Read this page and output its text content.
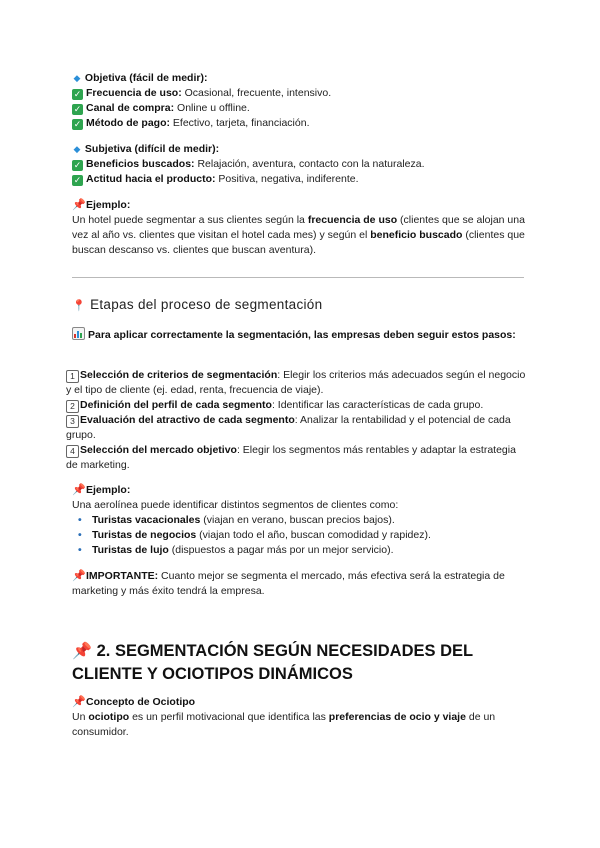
◆ Objetiva (fácil de medir):

✓ Frecuencia de uso: Ocasional, frecuente, intensivo.

✓ Canal de compra: Online u offline.

✓ Método de pago: Efectivo, tarjeta, financiación.

◆ Subjetiva (difícil de medir):

✓ Beneficios buscados: Relajación, aventura, contacto con la naturaleza.

✓ Actitud hacia el producto: Positiva, negativa, indiferente.

📌Ejemplo:

Un hotel puede segmentar a sus clientes según la frecuencia de uso (clientes que se alojan una vez al año vs. clientes que visitan el hotel cada mes) y según el beneficio buscado (clientes que buscan descanso vs. clientes que buscan aventura).

📍 Etapas del proceso de segmentación

Para aplicar correctamente la segmentación, las empresas deben seguir estos pasos:

1 Selección de criterios de segmentación: Elegir los criterios más adecuados según el negocio y el tipo de cliente (ej. edad, renta, frecuencia de viaje).

2 Definición del perfil de cada segmento: Identificar las características de cada grupo.

3 Evaluación del atractivo de cada segmento: Analizar la rentabilidad y el potencial de cada grupo.

4 Selección del mercado objetivo: Elegir los segmentos más rentables y adaptar la estrategia de marketing.

📌Ejemplo:

Una aerolínea puede identificar distintos segmentos de clientes como:

• Turistas vacacionales (viajan en verano, buscan precios bajos).
• Turistas de negocios (viajan todo el año, buscan comodidad y rapidez).
• Turistas de lujo (dispuestos a pagar más por un mejor servicio).

📌IMPORTANTE: Cuanto mejor se segmenta el mercado, más efectiva será la estrategia de marketing y más éxito tendrá la empresa.

📌 2. SEGMENTACIÓN SEGÚN NECESIDADES DEL CLIENTE Y OCIOTIPOS DINÁMICOS

📌Concepto de Ociotipo

Un ociotipo es un perfil motivacional que identifica las preferencias de ocio y viaje de un consumidor.
